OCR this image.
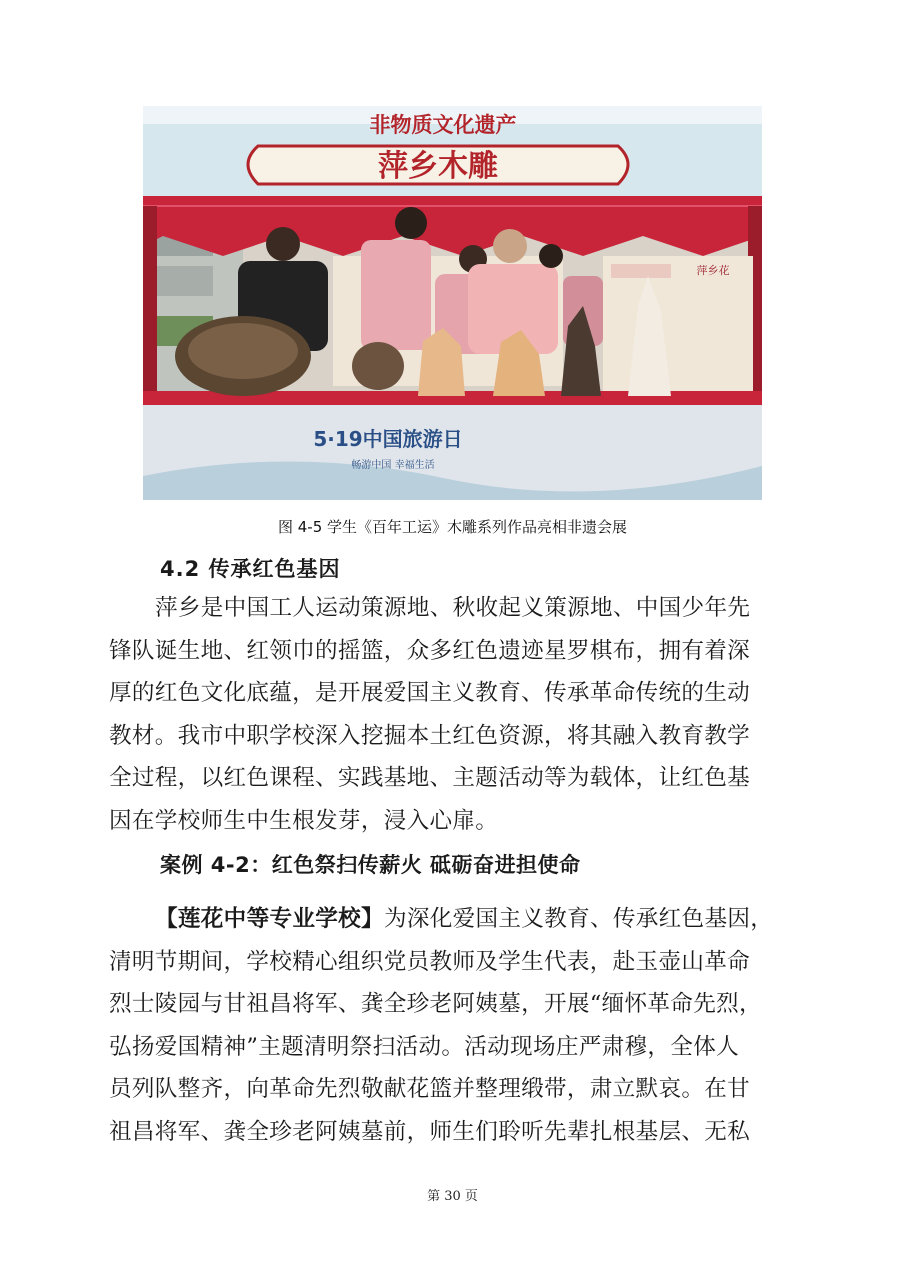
非物质文化遗产
萍乡木雕
萍乡花
5·19中国旅游日
畅游中国 幸福生活
图 4-5 学生《百年工运》木雕系列作品亮相非遗会展
4.2 传承红色基因
萍乡是中国工人运动策源地、秋收起义策源地、中国少年先
锋队诞生地、红领巾的摇篮，众多红色遗迹星罗棋布，拥有着深
厚的红色文化底蕴，是开展爱国主义教育、传承革命传统的生动
教材。我市中职学校深入挖掘本土红色资源，将其融入教育教学
全过程，以红色课程、实践基地、主题活动等为载体，让红色基
因在学校师生中生根发芽，浸入心扉。
案例 4-2：红色祭扫传薪火 砥砺奋进担使命
【莲花中等专业学校】为深化爱国主义教育、传承红色基因，
清明节期间，学校精心组织党员教师及学生代表，赴玉壶山革命
烈士陵园与甘祖昌将军、龚全珍老阿姨墓，开展“缅怀革命先烈，
弘扬爱国精神”主题清明祭扫活动。活动现场庄严肃穆，全体人
员列队整齐，向革命先烈敬献花篮并整理缎带，肃立默哀。在甘
祖昌将军、龚全珍老阿姨墓前，师生们聆听先辈扎根基层、无私
第 30 页
